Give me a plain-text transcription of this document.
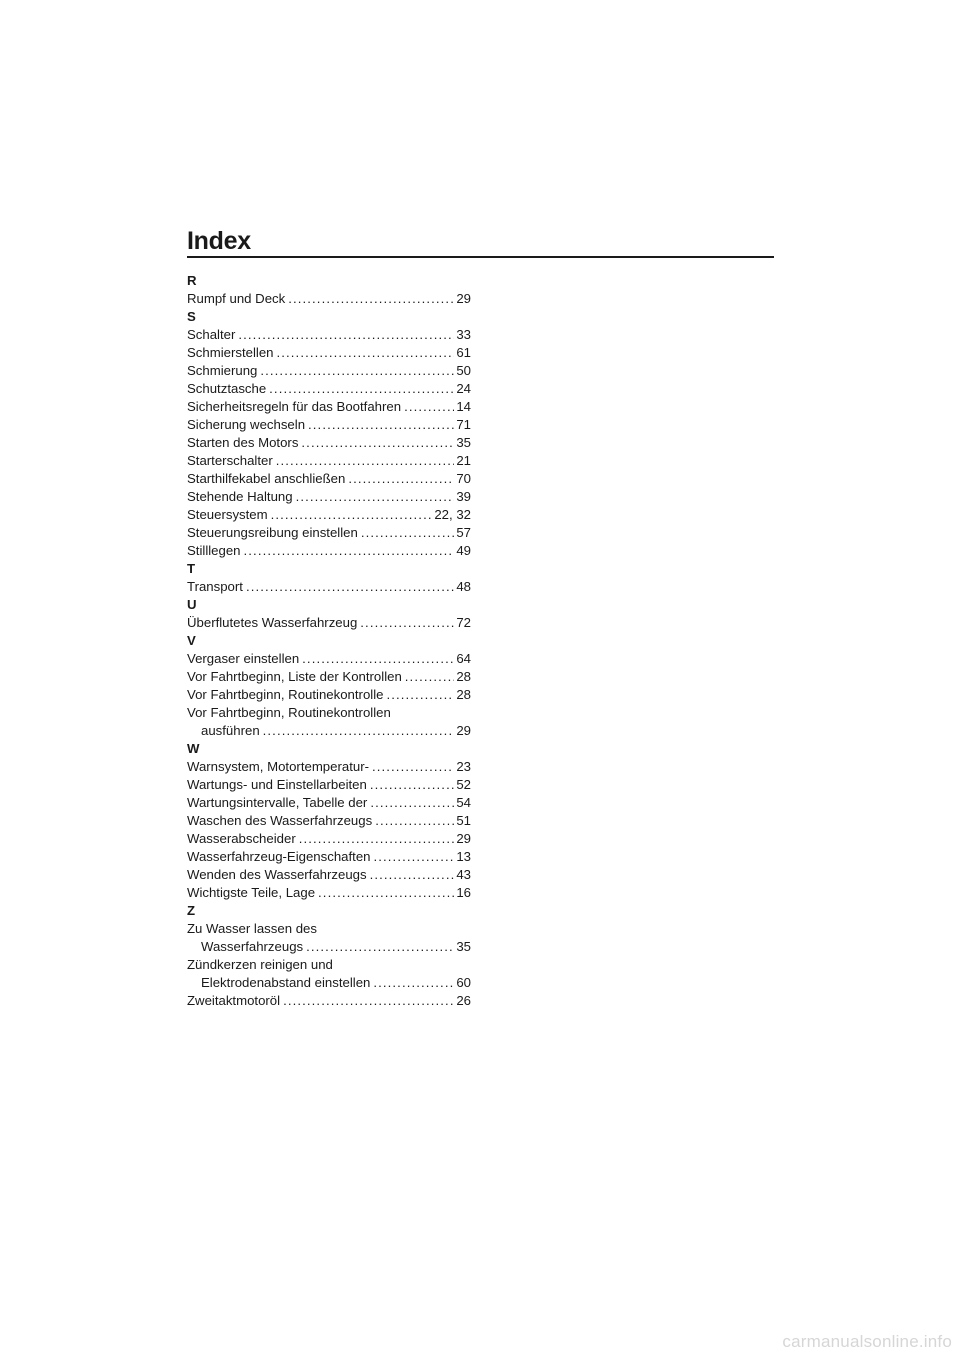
Index
R
Rumpf und Deck .....	29
S
Schalter .....	33
Schmierstellen .....	61
Schmierung .....	50
Schutztasche .....	24
Sicherheitsregeln für das Bootfahren .....	14
Sicherung wechseln .....	71
Starten des Motors .....	35
Starterschalter .....	21
Starthilfekabel anschließen .....	70
Stehende Haltung .....	39
Steuersystem .....	22, 32
Steuerungsreibung einstellen .....	57
Stilllegen .....	49
T
Transport .....	48
U
Überflutetes Wasserfahrzeug .....	72
V
Vergaser einstellen .....	64
Vor Fahrtbeginn, Liste der Kontrollen .....	28
Vor Fahrtbeginn, Routinekontrolle .....	28
Vor Fahrtbeginn, Routinekontrollen
ausführen .....	29
W
Warnsystem, Motortemperatur- .....	23
Wartungs- und Einstellarbeiten .....	52
Wartungsintervalle, Tabelle der .....	54
Waschen des Wasserfahrzeugs .....	51
Wasserabscheider .....	29
Wasserfahrzeug-Eigenschaften .....	13
Wenden des Wasserfahrzeugs .....	43
Wichtigste Teile, Lage .....	16
Z
Zu Wasser lassen des
Wasserfahrzeugs .....	35
Zündkerzen reinigen und
Elektrodenabstand einstellen .....	60
Zweitaktmotoröl .....	26
carmanualsonline.info
